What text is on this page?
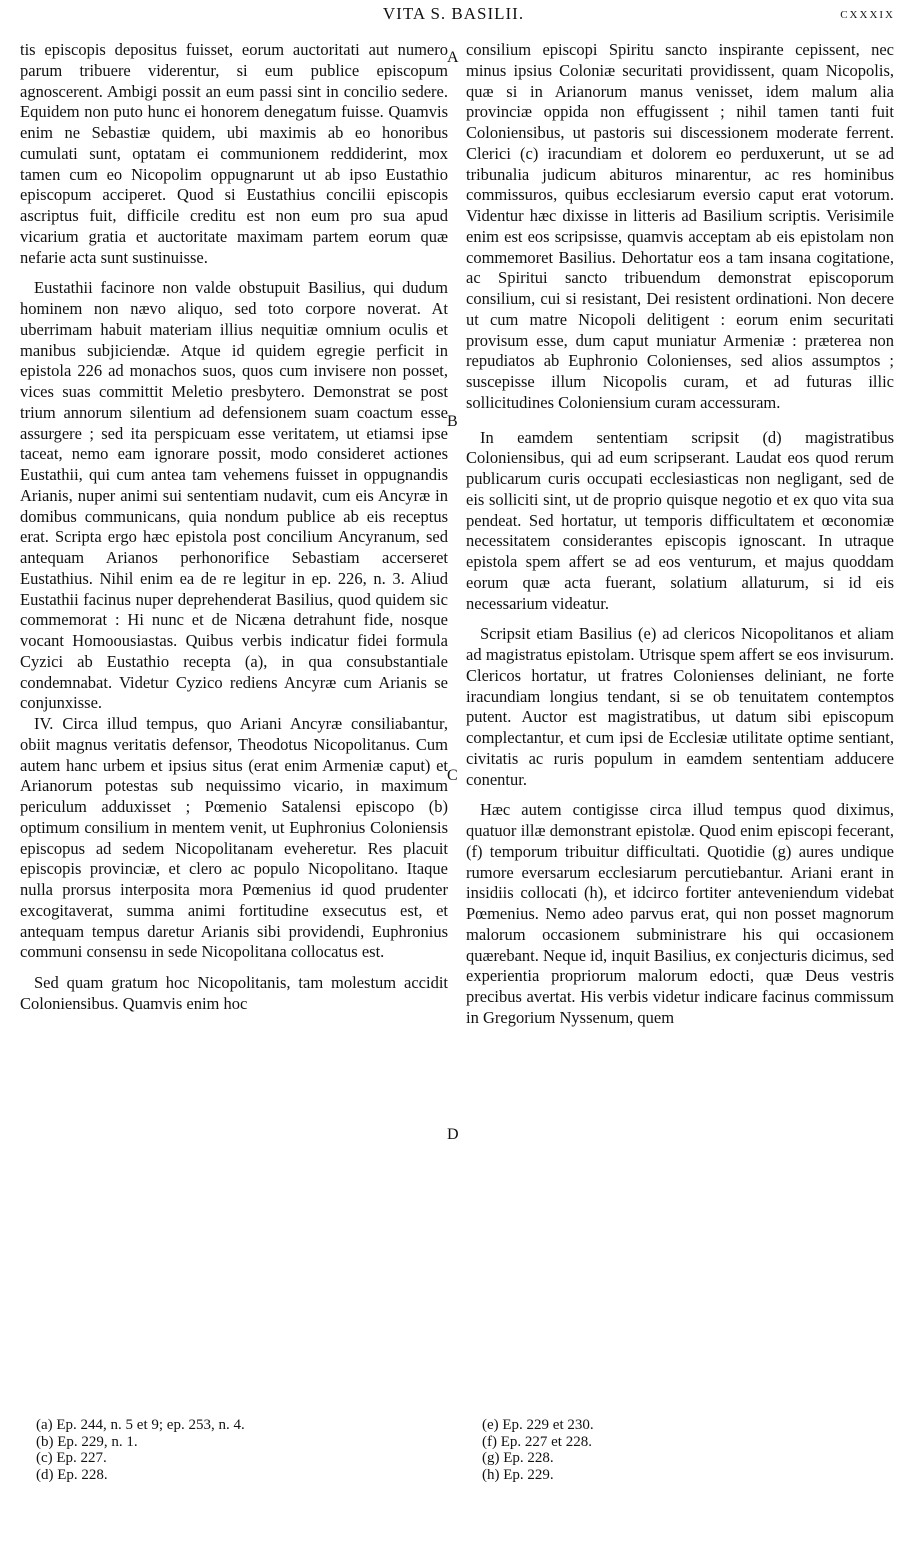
VITA S. BASILII.	CXXXIX
A
B
C
D

tis episcopis depositus fuisset, eorum auctoritati aut numero parum tribuere viderentur, si eum publice episcopum agnoscerent. Ambigi possit an eum passi sint in concilio sedere. Equidem non puto hunc ei honorem denegatum fuisse. Quamvis enim ne Sebastiæ quidem, ubi maximis ab eo honoribus cumulati sunt, optatam ei communionem reddiderint, mox tamen cum eo Nicopolim oppugnarunt ut ab ipso Eustathio episcopum acciperet. Quod si Eustathius concilii episcopis ascriptus fuit, difficile creditu est non eum pro sua apud vicarium gratia et auctoritate maximam partem eorum quæ nefarie acta sunt sustinuisse.

Eustathii facinore non valde obstupuit Basilius, qui dudum hominem non nævo aliquo, sed toto corpore noverat. At uberrimam habuit materiam illius nequitiæ omnium oculis et manibus subjiciendæ. Atque id quidem egregie perficit in epistola 226 ad monachos suos, quos cum invisere non posset, vices suas committit Meletio presbytero. Demonstrat se post trium annorum silentium ad defensionem suam coactum esse assurgere ; sed ita perspicuam esse veritatem, ut etiamsi ipse taceat, nemo eam ignorare possit, modo consideret actiones Eustathii, qui cum antea tam vehemens fuisset in oppugnandis Arianis, nuper animi sui sententiam nudavit, cum eis Ancyræ in domibus communicans, quia nondum publice ab eis receptus erat. Scripta ergo hæc epistola post concilium Ancyranum, sed antequam Arianos perhonorifice Sebastiam accerseret Eustathius. Nihil enim ea de re legitur in ep. 226, n. 3. Aliud Eustathii facinus nuper deprehenderat Basilius, quod quidem sic commemorat : Hi nunc et de Nicæna detrahunt fide, nosque vocant Homoousiastas. Quibus verbis indicatur fidei formula Cyzici ab Eustathio recepta (a), in qua consubstantiale condemnabat. Videtur Cyzico rediens Ancyræ cum Arianis se conjunxisse.

IV. Circa illud tempus, quo Ariani Ancyræ consiliabantur, obiit magnus veritatis defensor, Theodotus Nicopolitanus. Cum autem hanc urbem et ipsius situs (erat enim Armeniæ caput) et Arianorum potestas sub nequissimo vicario, in maximum periculum adduxisset ; Pœmenio Satalensi episcopo (b) optimum consilium in mentem venit, ut Euphronius Coloniensis episcopus ad sedem Nicopolitanam eveheretur. Res placuit episcopis provinciæ, et clero ac populo Nicopolitano. Itaque nulla prorsus interposita mora Pœmenius id quod prudenter excogitaverat, summa animi fortitudine exsecutus est, et antequam tempus daretur Arianis sibi providendi, Euphronius communi consensu in sede Nicopolitana collocatus est.

Sed quam gratum hoc Nicopolitanis, tam molestum accidit Coloniensibus. Quamvis enim hoc

consilium episcopi Spiritu sancto inspirante cepissent, nec minus ipsius Coloniæ securitati providissent, quam Nicopolis, quæ si in Arianorum manus venisset, idem malum alia provinciæ oppida non effugissent ; nihil tamen tanti fuit Coloniensibus, ut pastoris sui discessionem moderate ferrent. Clerici (c) iracundiam et dolorem eo perduxerunt, ut se ad tribunalia judicum abituros minarentur, ac res hominibus commissuros, quibus ecclesiarum eversio caput erat votorum. Videntur hæc dixisse in litteris ad Basilium scriptis. Verisimile enim est eos scripsisse, quamvis acceptam ab eis epistolam non commemoret Basilius. Dehortatur eos a tam insana cogitatione, ac Spiritui sancto tribuendum demonstrat episcoporum consilium, cui si resistant, Dei resistent ordinationi. Non decere ut cum matre Nicopoli delitigent : eorum enim securitati provisum esse, dum caput muniatur Armeniæ : præterea non repudiatos ab Euphronio Colonienses, sed alios assumptos ; suscepisse illum Nicopolis curam, et ad futuras illic sollicitudines Coloniensium curam accessuram.

In eamdem sententiam scripsit (d) magistratibus Coloniensibus, qui ad eum scripserant. Laudat eos quod rerum publicarum curis occupati ecclesiasticas non negligant, sed de eis solliciti sint, ut de proprio quisque negotio et ex quo vita sua pendeat. Sed hortatur, ut temporis difficultatem et œconomiæ necessitatem considerantes episcopis ignoscant. In utraque epistola spem affert se ad eos venturum, et majus quoddam eorum quæ acta fuerant, solatium allaturum, si id eis necessarium videatur.

Scripsit etiam Basilius (e) ad clericos Nicopolitanos et aliam ad magistratus epistolam. Utrisque spem affert se eos invisurum. Clericos hortatur, ut fratres Colonienses deliniant, ne forte iracundiam longius tendant, si se ob tenuitatem contemptos putent. Auctor est magistratibus, ut datum sibi episcopum complectantur, et cum ipsi de Ecclesiæ utilitate optime sentiant, civitatis ac ruris populum in eamdem sententiam adducere conentur.

Hæc autem contigisse circa illud tempus quod diximus, quatuor illæ demonstrant epistolæ. Quod enim episcopi fecerant, (f) temporum tribuitur difficultati. Quotidie (g) aures undique rumore eversarum ecclesiarum percutiebantur. Ariani erant in insidiis collocati (h), et idcirco fortiter anteveniendum videbat Pœmenius. Nemo adeo parvus erat, qui non posset magnorum malorum occasionem subministrare his qui occasionem quærebant. Neque id, inquit Basilius, ex conjecturis dicimus, sed experientia propriorum malorum edocti, quæ Deus vestris precibus avertat. His verbis videtur indicare facinus commissum in Gregorium Nyssenum, quem

(a) Ep. 244, n. 5 et 9; ep. 253, n. 4.
(b) Ep. 229, n. 1.
(c) Ep. 227.
(d) Ep. 228.
(e) Ep. 229 et 230.
(f) Ep. 227 et 228.
(g) Ep. 228.
(h) Ep. 229.
